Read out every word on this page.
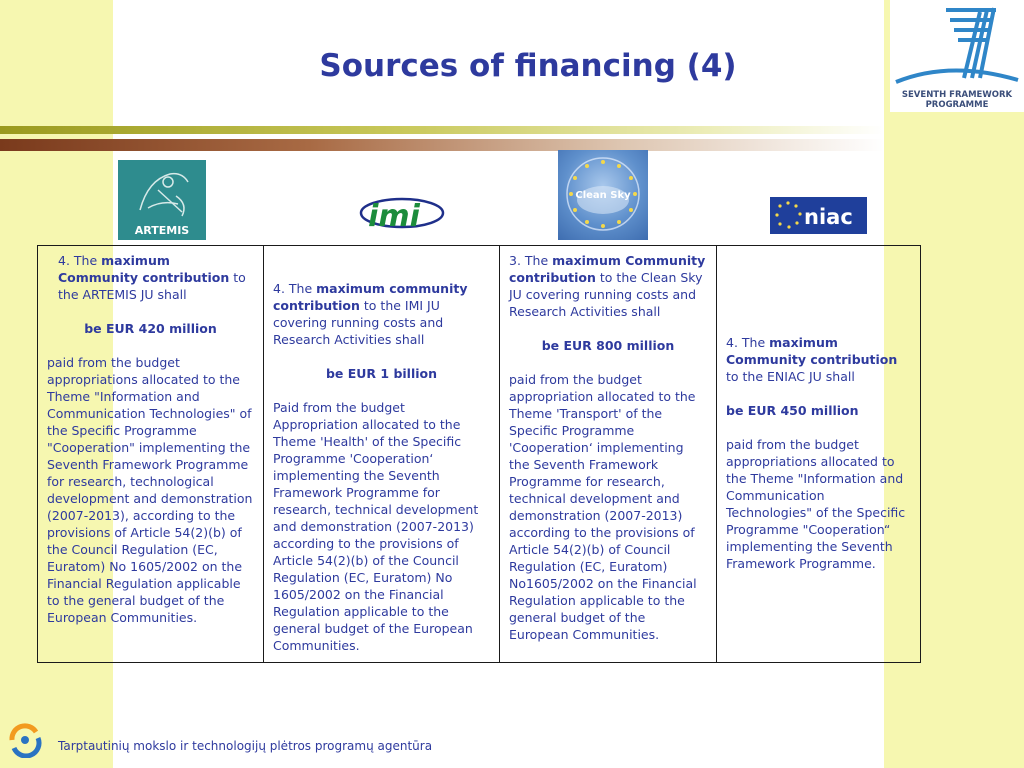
SEVENTH FRAMEWORK
PROGRAMME
Sources of financing (4)
ARTEMIS	imi
Clean Sky
niac

4. The maximum Community contribution to the ARTEMIS JU shall

be EUR 420 million

paid from the budget appropriations allocated to the Theme "Information and Communication Technologies" of the Specific Programme "Cooperation" implementing the Seventh Framework Programme for research, technological development and demonstration (2007-2013), according to the provisions of Article 54(2)(b) of the Council Regulation (EC, Euratom) No 1605/2002 on the Financial Regulation applicable to the general budget of the European Communities.

4. The maximum community contribution to the IMI JU covering running costs and Research Activities shall

be EUR 1 billion

Paid from the budget Appropriation allocated to the Theme 'Health' of the Specific Programme 'Cooperation‘ implementing the Seventh Framework Programme for research, technical development and demonstration (2007-2013) according to the provisions of Article 54(2)(b) of the Council Regulation (EC, Euratom) No 1605/2002 on the Financial Regulation applicable to the general budget of the European Communities.

3. The maximum Community contribution to the Clean Sky JU covering running costs and Research Activities shall

be EUR 800 million

paid from the budget appropriation allocated to the Theme 'Transport' of the Specific Programme 'Cooperation‘ implementing the Seventh Framework Programme for research, technical development and demonstration (2007-2013) according to the provisions of Article 54(2)(b) of Council Regulation (EC, Euratom) No1605/2002 on the Financial Regulation applicable to the general budget of the European Communities.

4. The maximum Community contribution to the ENIAC JU shall

be EUR 450 million

paid from the budget appropriations allocated to the Theme "Information and Communication Technologies" of the Specific Programme "Cooperation“ implementing the Seventh Framework Programme.

Tarptautinių mokslo ir technologijų plėtros programų agentūra
